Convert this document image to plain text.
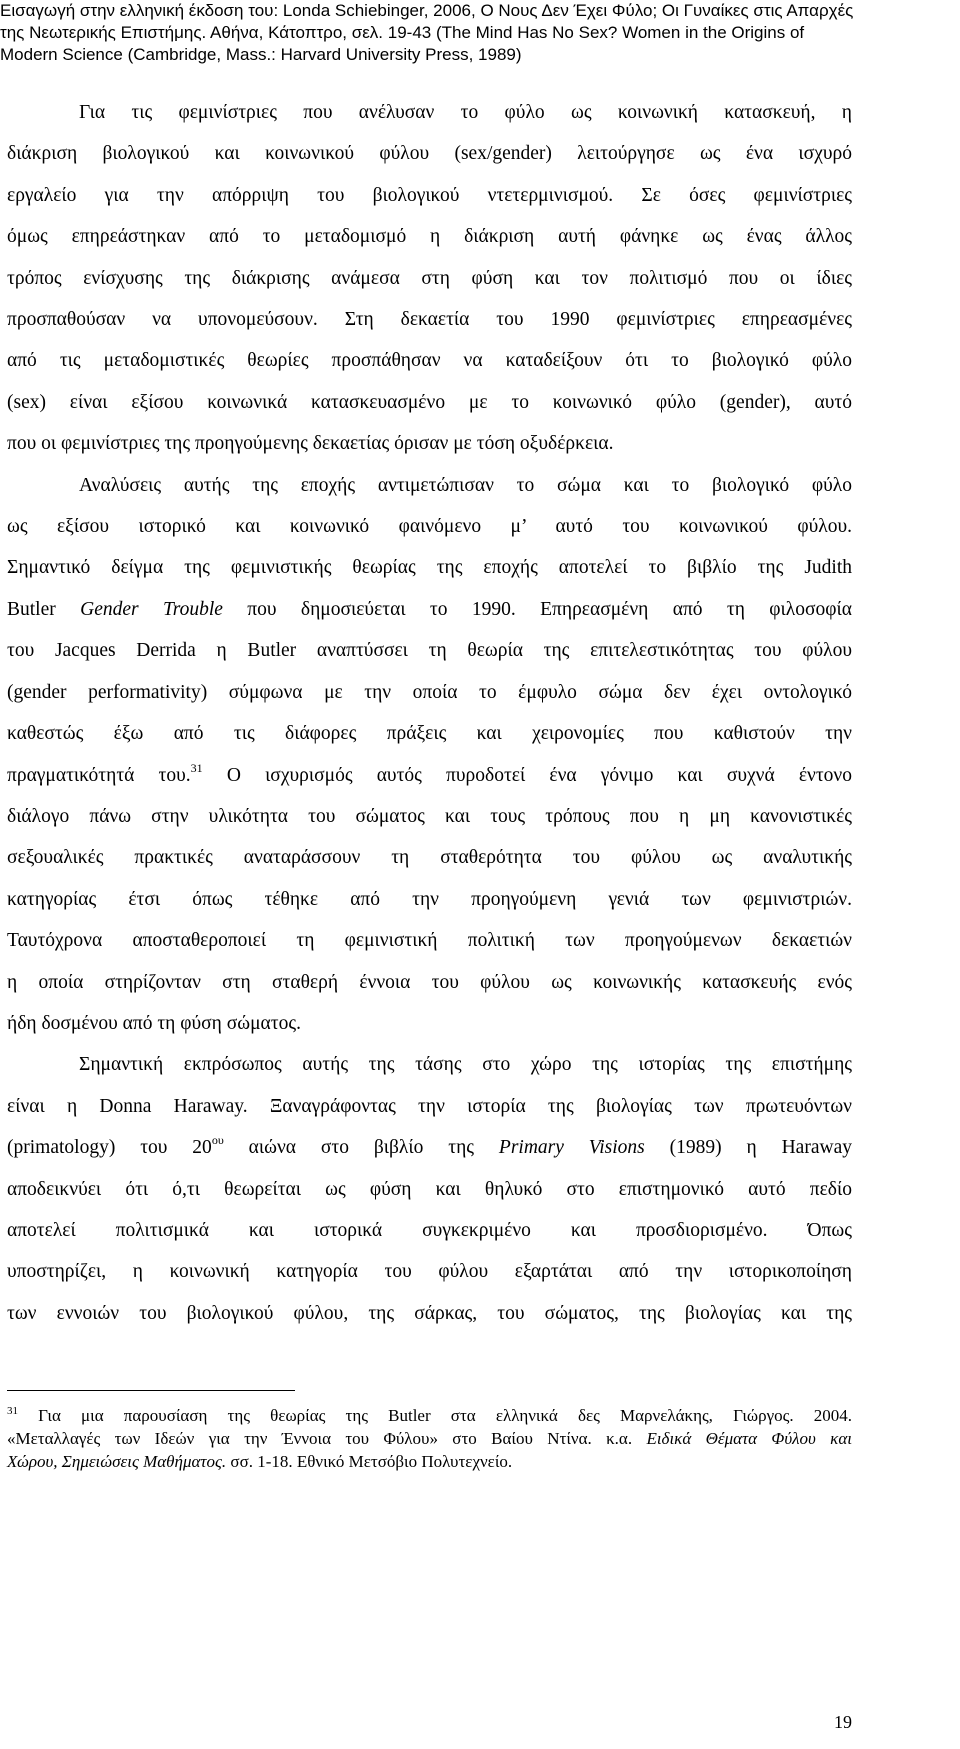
Εισαγωγή στην ελληνική έκδοση του: Londa Schiebinger, 2006, Ο Νους Δεν Έχει Φύλο; Οι Γυναίκες στις Απαρχές
της Νεωτερικής Επιστήμης. Αθήνα, Κάτοπτρο, σελ. 19-43 (The Mind Has No Sex? Women in the Origins of
Modern Science (Cambridge, Mass.: Harvard University Press, 1989)
Για τις φεμινίστριες που ανέλυσαν το φύλο ως κοινωνική κατασκευή, η
διάκριση βιολογικού και κοινωνικού φύλου (sex/gender) λειτούργησε ως ένα ισχυρό
εργαλείο για την απόρριψη του βιολογικού ντετερμινισμού. Σε όσες φεμινίστριες
όμως επηρεάστηκαν από το μεταδομισμό η διάκριση αυτή φάνηκε ως ένας άλλος
τρόπος ενίσχυσης της διάκρισης ανάμεσα στη φύση και τον πολιτισμό που οι ίδιες
προσπαθούσαν να υπονομεύσουν. Στη δεκαετία του 1990 φεμινίστριες επηρεασμένες
από τις μεταδομιστικές θεωρίες προσπάθησαν να καταδείξουν ότι το βιολογικό φύλο
(sex) είναι εξίσου κοινωνικά κατασκευασμένο με το κοινωνικό φύλο (gender), αυτό
που οι φεμινίστριες της προηγούμενης δεκαετίας όρισαν με τόση οξυδέρκεια.
Αναλύσεις αυτής της εποχής αντιμετώπισαν το σώμα και το βιολογικό φύλο
ως εξίσου ιστορικό και κοινωνικό φαινόμενο μ’ αυτό του κοινωνικού φύλου.
Σημαντικό δείγμα της φεμινιστικής θεωρίας της εποχής αποτελεί το βιβλίο της Judith
Butler Gender Trouble που δημοσιεύεται το 1990. Επηρεασμένη από τη φιλοσοφία
του Jacques Derrida η Butler αναπτύσσει τη θεωρία της επιτελεστικότητας του φύλου
(gender performativity) σύμφωνα με την οποία το έμφυλο σώμα δεν έχει οντολογικό
καθεστώς έξω από τις διάφορες πράξεις και χειρονομίες που καθιστούν την
πραγματικότητά του.$^{31}$ Ο ισχυρισμός αυτός πυροδοτεί ένα γόνιμο και συχνά έντονο
διάλογο πάνω στην υλικότητα του σώματος και τους τρόπους που η μη κανονιστικές
σεξουαλικές πρακτικές αναταράσσουν τη σταθερότητα του φύλου ως αναλυτικής
κατηγορίας έτσι όπως τέθηκε από την προηγούμενη γενιά των φεμινιστριών.
Ταυτόχρονα αποσταθεροποιεί τη φεμινιστική πολιτική των προηγούμενων δεκαετιών
η οποία στηρίζονταν στη σταθερή έννοια του φύλου ως κοινωνικής κατασκευής ενός
ήδη δοσμένου από τη φύση σώματος.
Σημαντική εκπρόσωπος αυτής της τάσης στο χώρο της ιστορίας της επιστήμης
είναι η Donna Haraway. Ξαναγράφοντας την ιστορία της βιολογίας των πρωτευόντων
(primatology) του $20^{o\upsilon}$ αιώνα στο βιβλίο της Primary Visions (1989) η Haraway
αποδεικνύει ότι ό,τι θεωρείται ως φύση και θηλυκό στο επιστημονικό αυτό πεδίο
αποτελεί πολιτισμικά και ιστορικά συγκεκριμένο και προσδιορισμένο. Όπως
υποστηρίζει, η κοινωνική κατηγορία του φύλου εξαρτάται από την ιστορικοποίηση
των εννοιών του βιολογικού φύλου, της σάρκας, του σώματος, της βιολογίας και της
$^{31}$ Για μια παρουσίαση της θεωρίας της Butler στα ελληνικά δες Μαρνελάκης, Γιώργος. 2004.
«Μεταλλαγές των Ιδεών για την Έννοια του Φύλου» στο Βαίου Ντίνα. κ.α. Ειδικά Θέματα Φύλου και
Χώρου, Σημειώσεις Μαθήματος. σσ. 1-18. Εθνικό Μετσόβιο Πολυτεχνείο.
19
